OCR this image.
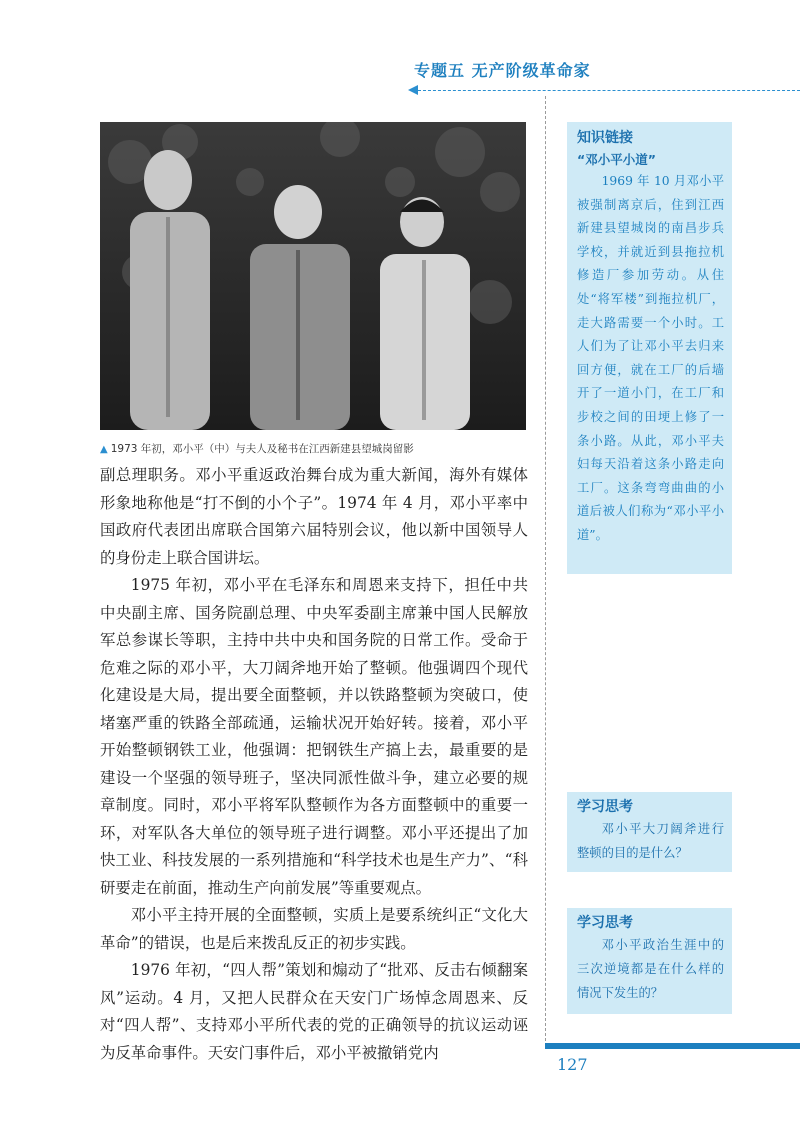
专题五 无产阶级革命家
▲ 1973 年初，邓小平（中）与夫人及秘书在江西新建县望城岗留影

副总理职务。邓小平重返政治舞台成为重大新闻，海外有媒体形象地称他是“打不倒的小个子”。1974 年 4 月，邓小平率中国政府代表团出席联合国第六届特别会议，他以新中国领导人的身份走上联合国讲坛。

1975 年初，邓小平在毛泽东和周恩来支持下，担任中共中央副主席、国务院副总理、中央军委副主席兼中国人民解放军总参谋长等职，主持中共中央和国务院的日常工作。受命于危难之际的邓小平，大刀阔斧地开始了整顿。他强调四个现代化建设是大局，提出要全面整顿，并以铁路整顿为突破口，使堵塞严重的铁路全部疏通，运输状况开始好转。接着，邓小平开始整顿钢铁工业，他强调：把钢铁生产搞上去，最重要的是建设一个坚强的领导班子，坚决同派性做斗争，建立必要的规章制度。同时，邓小平将军队整顿作为各方面整顿中的重要一环，对军队各大单位的领导班子进行调整。邓小平还提出了加快工业、科技发展的一系列措施和“科学技术也是生产力”、“科研要走在前面，推动生产向前发展”等重要观点。

邓小平主持开展的全面整顿，实质上是要系统纠正“文化大革命”的错误，也是后来拨乱反正的初步实践。

1976 年初，“四人帮”策划和煽动了“批邓、反击右倾翻案风”运动。4 月，又把人民群众在天安门广场悼念周恩来、反对“四人帮”、支持邓小平所代表的党的正确领导的抗议运动诬为反革命事件。天安门事件后，邓小平被撤销党内

知识链接
“邓小平小道”
1969 年 10 月邓小平被强制离京后，住到江西新建县望城岗的南昌步兵学校，并就近到县拖拉机修造厂参加劳动。从住处“将军楼”到拖拉机厂，走大路需要一个小时。工人们为了让邓小平去归来回方便，就在工厂的后墙开了一道小门，在工厂和步校之间的田埂上修了一条小路。从此，邓小平夫妇每天沿着这条小路走向工厂。这条弯弯曲曲的小道后被人们称为“邓小平小道”。
学习思考
邓小平大刀阔斧进行整顿的目的是什么？
学习思考
邓小平政治生涯中的三次逆境都是在什么样的情况下发生的？
127
